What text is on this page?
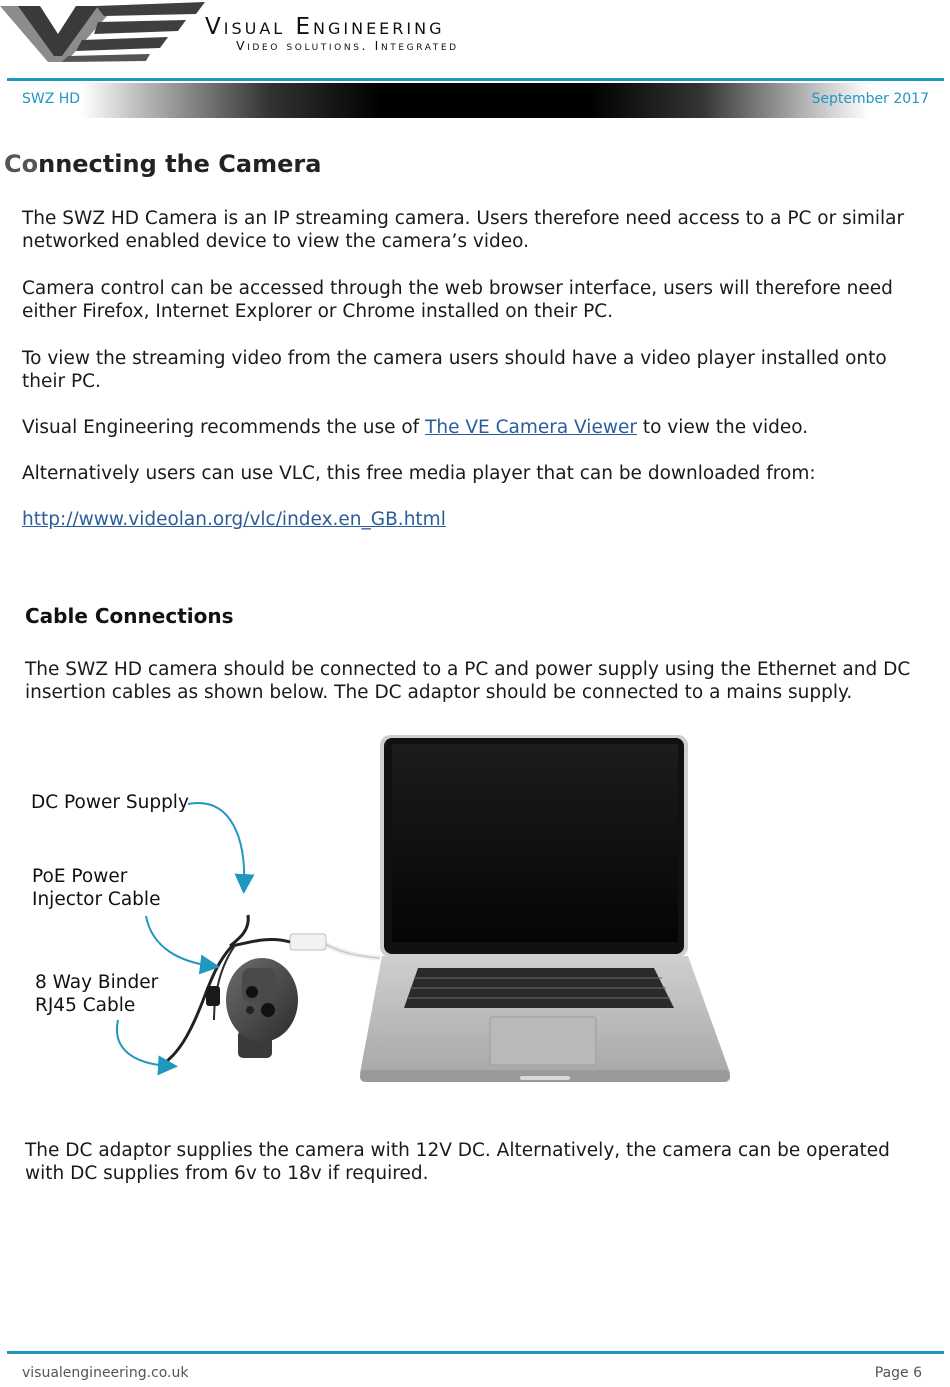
Visual Engineering
Video solutions. Integrated
SWZ HD	September 2017
Connecting the Camera
The SWZ HD Camera is an IP streaming camera. Users therefore need access to a PC or similar networked enabled device to view the camera’s video.
Camera control can be accessed through the web browser interface, users will therefore need either Firefox, Internet Explorer or Chrome installed on their PC.
To view the streaming video from the camera users should have a video player installed onto their PC.
Visual Engineering recommends the use of The VE Camera Viewer to view the video.
Alternatively users can use VLC, this free media player that can be downloaded from:
http://www.videolan.org/vlc/index.en_GB.html
Cable Connections
The SWZ HD camera should be connected to a PC and power supply using the Ethernet and DC insertion cables as shown below. The DC adaptor should be connected to a mains supply.
DC Power Supply
PoE Power
Injector Cable
8 Way Binder
RJ45 Cable
The DC adaptor supplies the camera with 12V DC. Alternatively, the camera can be operated with DC supplies from 6v to 18v if required.
visualengineering.co.uk	Page 6
